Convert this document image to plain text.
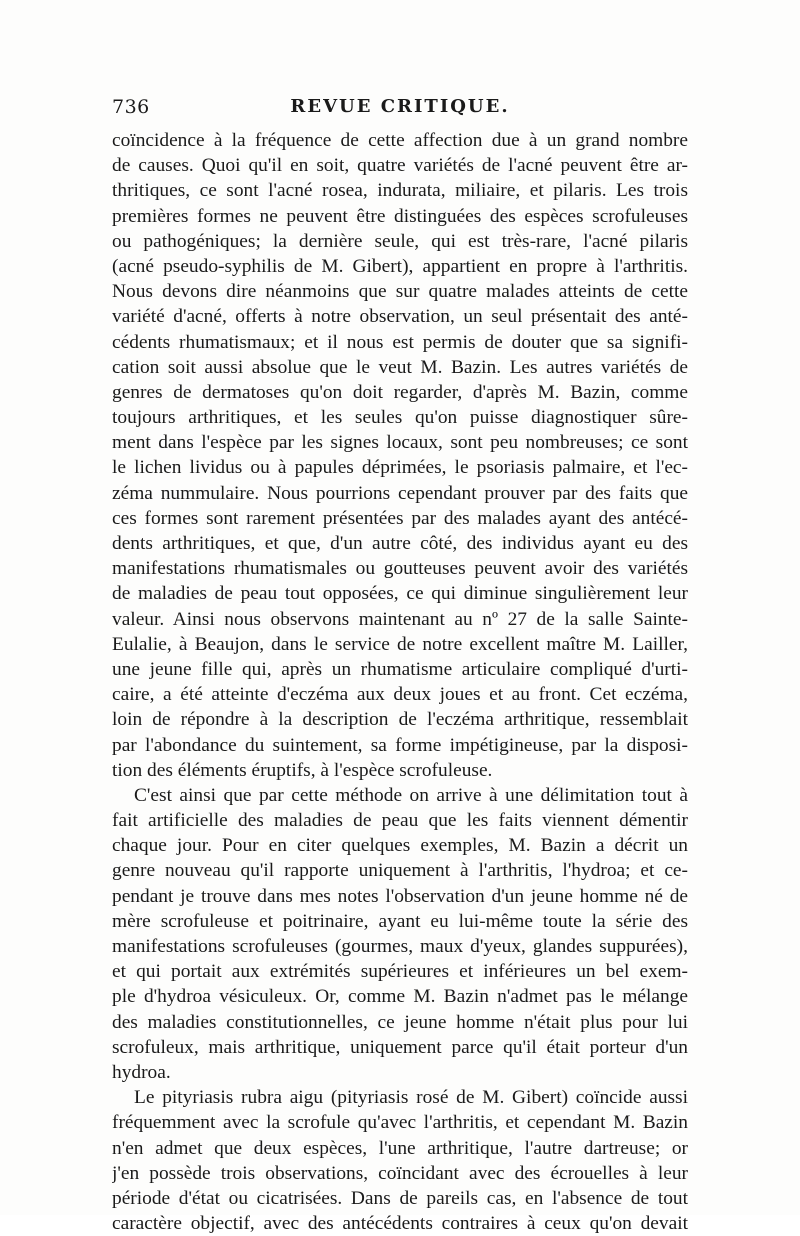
736	REVUE CRITIQUE.
coïncidence à la fréquence de cette affection due à un grand nombre
de causes. Quoi qu'il en soit, quatre variétés de l'acné peuvent être ar-
thritiques, ce sont l'acné rosea, indurata, miliaire, et pilaris. Les trois
premières formes ne peuvent être distinguées des espèces scrofuleuses
ou pathogéniques; la dernière seule, qui est très-rare, l'acné pilaris
(acné pseudo-syphilis de M. Gibert), appartient en propre à l'arthritis.
Nous devons dire néanmoins que sur quatre malades atteints de cette
variété d'acné, offerts à notre observation, un seul présentait des anté-
cédents rhumatismaux; et il nous est permis de douter que sa signifi-
cation soit aussi absolue que le veut M. Bazin. Les autres variétés de
genres de dermatoses qu'on doit regarder, d'après M. Bazin, comme
toujours arthritiques, et les seules qu'on puisse diagnostiquer sûre-
ment dans l'espèce par les signes locaux, sont peu nombreuses; ce sont
le lichen lividus ou à papules déprimées, le psoriasis palmaire, et l'ec-
zéma nummulaire. Nous pourrions cependant prouver par des faits que
ces formes sont rarement présentées par des malades ayant des antécé-
dents arthritiques, et que, d'un autre côté, des individus ayant eu des
manifestations rhumatismales ou goutteuses peuvent avoir des variétés
de maladies de peau tout opposées, ce qui diminue singulièrement leur
valeur. Ainsi nous observons maintenant au nº 27 de la salle Sainte-
Eulalie, à Beaujon, dans le service de notre excellent maître M. Lailler,
une jeune fille qui, après un rhumatisme articulaire compliqué d'urti-
caire, a été atteinte d'eczéma aux deux joues et au front. Cet eczéma,
loin de répondre à la description de l'eczéma arthritique, ressemblait
par l'abondance du suintement, sa forme impétigineuse, par la disposi-
tion des éléments éruptifs, à l'espèce scrofuleuse.
C'est ainsi que par cette méthode on arrive à une délimitation tout à
fait artificielle des maladies de peau que les faits viennent démentir
chaque jour. Pour en citer quelques exemples, M. Bazin a décrit un
genre nouveau qu'il rapporte uniquement à l'arthritis, l'hydroa; et ce-
pendant je trouve dans mes notes l'observation d'un jeune homme né de
mère scrofuleuse et poitrinaire, ayant eu lui-même toute la série des
manifestations scrofuleuses (gourmes, maux d'yeux, glandes suppurées),
et qui portait aux extrémités supérieures et inférieures un bel exem-
ple d'hydroa vésiculeux. Or, comme M. Bazin n'admet pas le mélange
des maladies constitutionnelles, ce jeune homme n'était plus pour lui
scrofuleux, mais arthritique, uniquement parce qu'il était porteur d'un
hydroa.
Le pityriasis rubra aigu (pityriasis rosé de M. Gibert) coïncide aussi
fréquemment avec la scrofule qu'avec l'arthritis, et cependant M. Bazin
n'en admet que deux espèces, l'une arthritique, l'autre dartreuse; or
j'en possède trois observations, coïncidant avec des écrouelles à leur
période d'état ou cicatrisées. Dans de pareils cas, en l'absence de tout
caractère objectif, avec des antécédents contraires à ceux qu'on devait
